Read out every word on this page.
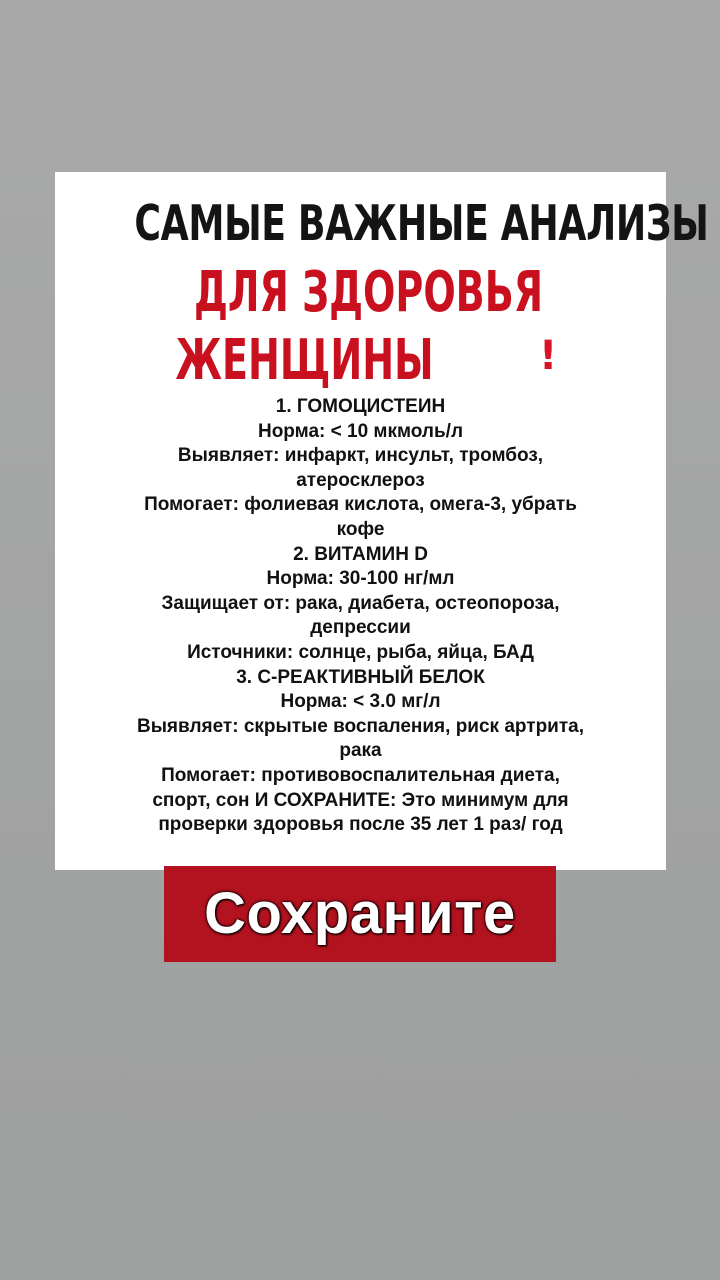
САМЫЕ ВАЖНЫЕ АНАЛИЗЫ
ДЛЯ ЗДОРОВЬЯ
ЖЕНЩИНЫ	!
1. ГОМОЦИСТЕИН
Норма: < 10 мкмоль/л
Выявляет: инфаркт, инсульт, тромбоз,
атеросклероз
Помогает: фолиевая кислота, омега-3, убрать
кофе
2. ВИТАМИН D
Норма: 30-100 нг/мл
Защищает от: рака, диабета, остеопороза,
депрессии
Источники: солнце, рыба, яйца, БАД
3. С-РЕАКТИВНЫЙ БЕЛОК
Норма: < 3.0 мг/л
Выявляет: скрытые воспаления, риск артрита,
рака
Помогает: противовоспалительная диета,
спорт, сон И СОХРАНИТЕ: Это минимум для
проверки здоровья после 35 лет 1 раз/ год
Сохраните
